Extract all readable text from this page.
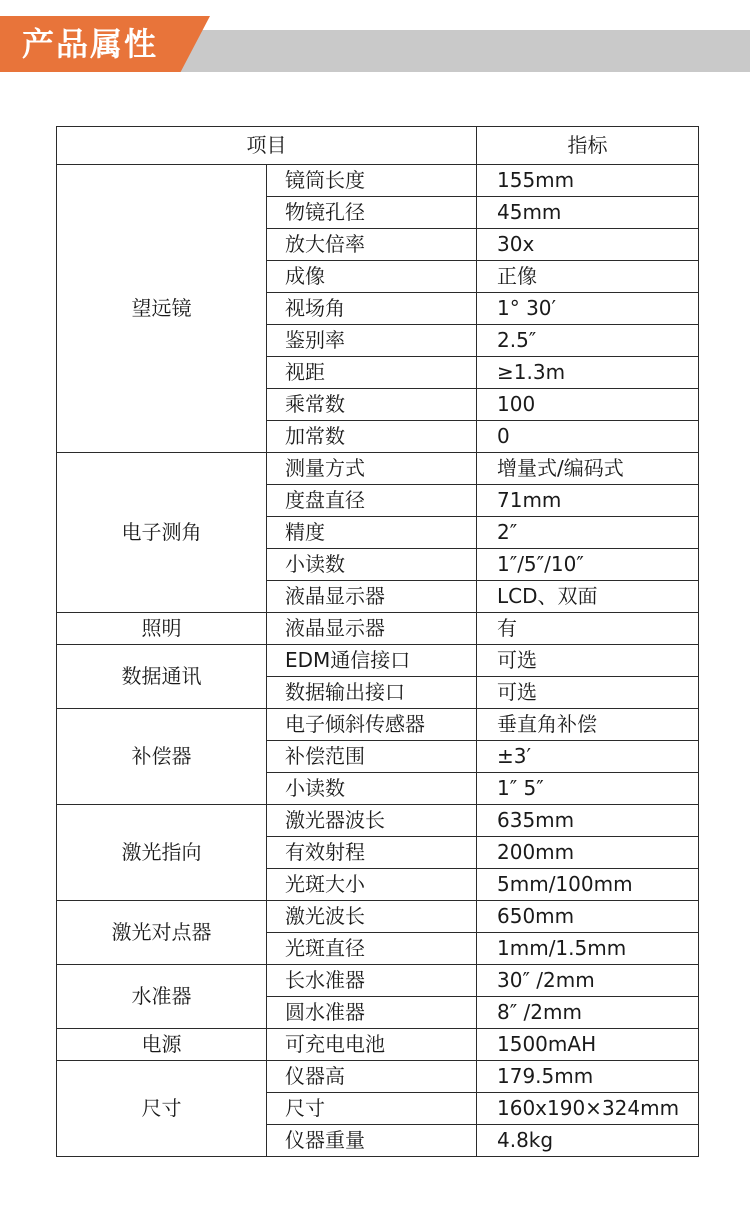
产品属性
项目		指标
望远镜	镜筒长度	155mm
	物镜孔径	45mm
	放大倍率	30x
	成像	正像
	视场角	1° 30′
	鉴别率	2.5″
	视距	≥1.3m
	乘常数	100
	加常数	0
电子测角	测量方式	增量式/编码式
	度盘直径	71mm
	精度	2″
	小读数	1″/5″/10″
	液晶显示器	LCD、双面
照明	液晶显示器	有
数据通讯	EDM通信接口	可选
	数据输出接口	可选
补偿器	电子倾斜传感器	垂直角补偿
	补偿范围	±3′
	小读数	1″ 5″
激光指向	激光器波长	635mm
	有效射程	200mm
	光斑大小	5mm/100mm
激光对点器	激光波长	650mm
	光斑直径	1mm/1.5mm
水准器	长水准器	30″ /2mm
	圆水准器	8″ /2mm
电源	可充电电池	1500mAH
尺寸	仪器高	179.5mm
	尺寸	160x190×324mm
	仪器重量	4.8kg
